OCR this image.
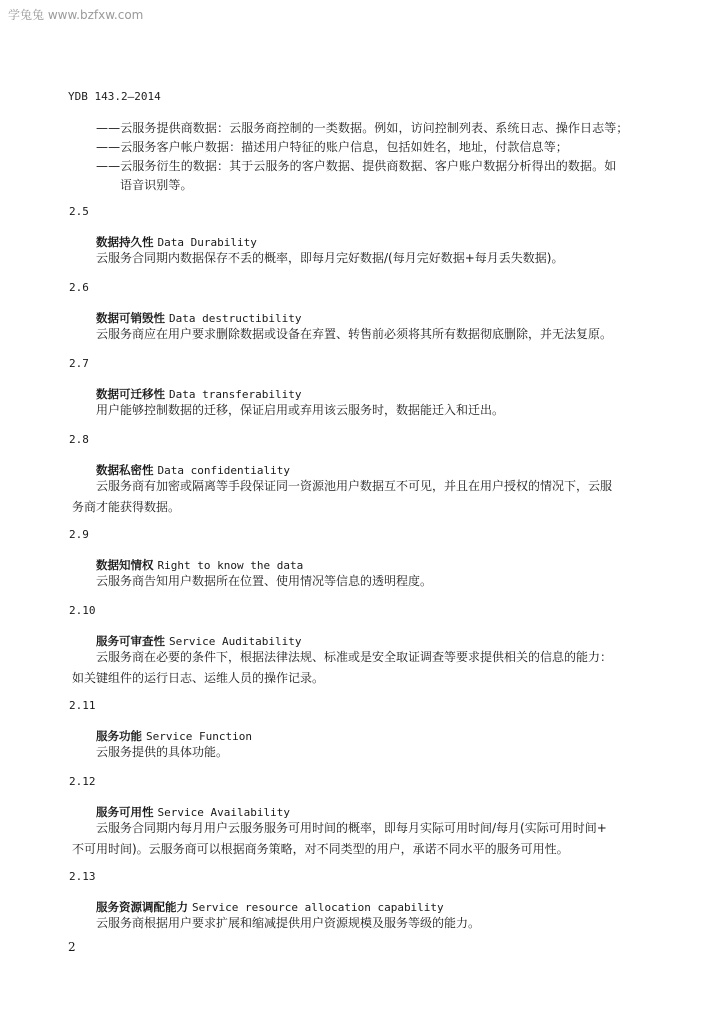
学兔兔 www.bzfxw.com
YDB 143.2—2014
——云服务提供商数据：云服务商控制的一类数据。例如，访问控制列表、系统日志、操作日志等；
——云服务客户帐户数据：描述用户特征的账户信息，包括如姓名，地址，付款信息等；
——云服务衍生的数据：其于云服务的客户数据、提供商数据、客户账户数据分析得出的数据。如
语音识别等。
2.5
数据持久性 Data Durability
云服务合同期内数据保存不丢的概率，即每月完好数据/(每月完好数据+每月丢失数据)。
2.6
数据可销毁性 Data destructibility
云服务商应在用户要求删除数据或设备在弃置、转售前必须将其所有数据彻底删除，并无法复原。
2.7
数据可迁移性 Data transferability
用户能够控制数据的迁移，保证启用或弃用该云服务时，数据能迁入和迁出。
2.8
数据私密性 Data confidentiality
云服务商有加密或隔离等手段保证同一资源池用户数据互不可见，并且在用户授权的情况下，云服
务商才能获得数据。
2.9
数据知情权 Right to know the data
云服务商告知用户数据所在位置、使用情况等信息的透明程度。
2.10
服务可审查性 Service Auditability
云服务商在必要的条件下，根据法律法规、标准或是安全取证调查等要求提供相关的信息的能力：
如关键组件的运行日志、运维人员的操作记录。
2.11
服务功能 Service Function
云服务提供的具体功能。
2.12
服务可用性 Service Availability
云服务合同期内每月用户云服务服务可用时间的概率，即每月实际可用时间/每月(实际可用时间+
不可用时间)。云服务商可以根据商务策略，对不同类型的用户，承诺不同水平的服务可用性。
2.13
服务资源调配能力 Service resource allocation capability
云服务商根据用户要求扩展和缩减提供用户资源规模及服务等级的能力。
2
